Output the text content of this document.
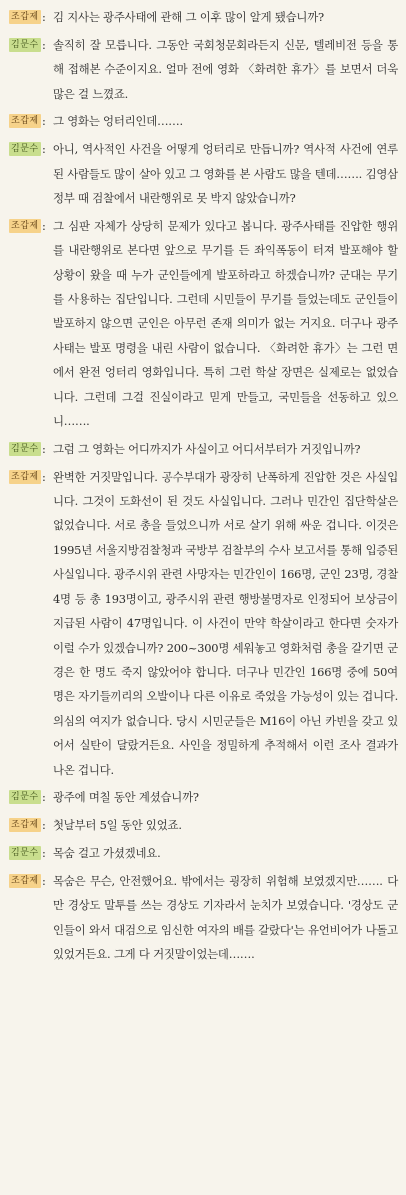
조갑제 : 김 지사는 광주사태에 관해 그 이후 많이 알게 됐습니까?
김문수 : 솔직히 잘 모릅니다. 그동안 국회청문회라든지 신문, 텔레비전 등을 통해 접해본 수준이지요. 얼마 전에 영화 〈화려한 휴가〉를 보면서 더욱 많은 걸 느꼈죠.
조갑제 : 그 영화는 엉터리인데…….
김문수 : 아니, 역사적인 사건을 어떻게 엉터리로 만듭니까? 역사적 사건에 연루된 사람들도 많이 살아 있고 그 영화를 본 사람도 많을 텐데……. 김영삼 정부 때 검찰에서 내란행위로 못 박지 않았습니까?
조갑제 : 그 심판 자체가 상당히 문제가 있다고 봅니다. 광주사태를 진압한 행위를 내란행위로 본다면 앞으로 무기를 든 좌익폭동이 터져 발포해야 할 상황이 왔을 때 누가 군인들에게 발포하라고 하겠습니까? 군대는 무기를 사용하는 집단입니다. 그런데 시민들이 무기를 들었는데도 군인들이 발포하지 않으면 군인은 아무런 존재 의미가 없는 거지요. 더구나 광주사태는 발포 명령을 내린 사람이 없습니다. 〈화려한 휴가〉는 그런 면에서 완전 엉터리 영화입니다. 특히 그런 학살 장면은 실제로는 없었습니다. 그런데 그걸 진실이라고 믿게 만들고, 국민들을 선동하고 있으니…….
김문수 : 그럼 그 영화는 어디까지가 사실이고 어디서부터가 거짓입니까?
조갑제 : 완벽한 거짓말입니다. 공수부대가 광장히 난폭하게 진압한 것은 사실입니다. 그것이 도화선이 된 것도 사실입니다. 그러나 민간인 집단학살은 없었습니다. 서로 총을 들었으니까 서로 살기 위해 싸운 겁니다. 이것은 1995년 서울지방검찰청과 국방부 검찰부의 수사 보고서를 통해 입증된 사실입니다. 광주시위 관련 사망자는 민간인이 166명, 군인 23명, 경찰 4명 등 총 193명이고, 광주시위 관련 행방불명자로 인정되어 보상금이 지급된 사람이 47명입니다. 이 사건이 만약 학살이라고 한다면 숫자가 이럴 수가 있겠습니까? 200~300명 세워놓고 영화처럼 총을 갈기면 군경은 한 명도 죽지 않았어야 합니다. 더구나 민간인 166명 중에 50여 명은 자기들끼리의 오발이나 다른 이유로 죽었을 가능성이 있는 겁니다. 의심의 여지가 없습니다. 당시 시민군들은 M16이 아닌 카빈을 갖고 있어서 실탄이 달랐거든요. 사인을 정밀하게 추적해서 이런 조사 결과가 나온 겁니다.
김문수 : 광주에 며칠 동안 계셨습니까?
조갑제 : 첫날부터 5일 동안 있었죠.
김문수 : 목숨 걸고 가셨겠네요.
조갑제 : 목숨은 무슨, 안전했어요. 밖에서는 굉장히 위험해 보였겠지만……. 다만 경상도 말투를 쓰는 경상도 기자라서 눈치가 보였습니다. '경상도 군인들이 와서 대검으로 임신한 여자의 배를 갈랐다'는 유언비어가 나돌고 있었거든요. 그게 다 거짓말이었는데…….
